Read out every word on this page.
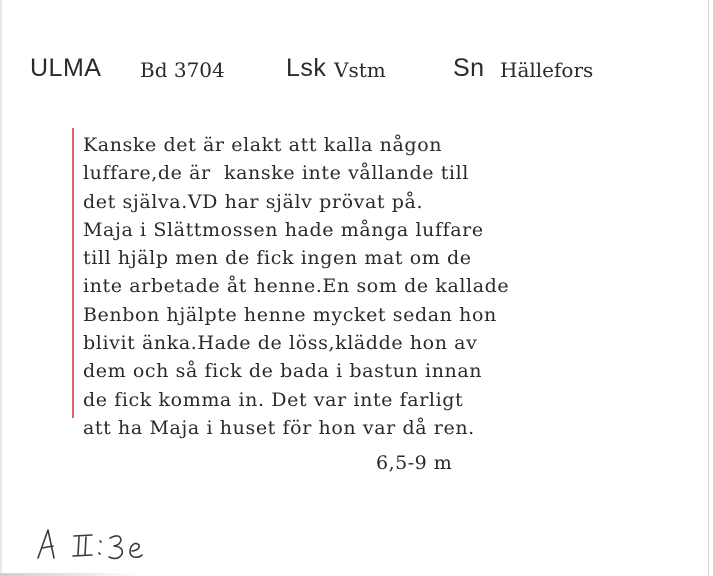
ULMA Bd 3704 Lsk Vstm	Sn Hällefors
Kanske det är elakt att kalla någon
luffare,de är  kanske inte vållande till
det själva.VD har själv prövat på.
Maja i Slättmossen hade många luffare
till hjälp men de fick ingen mat om de
inte arbetade åt henne.En som de kallade
Benbon hjälpte henne mycket sedan hon
blivit änka.Hade de löss,klädde hon av
dem och så fick de bada i bastun innan
de fick komma in. Det var inte farligt
att ha Maja i huset för hon var då ren.
6,5-9 m
